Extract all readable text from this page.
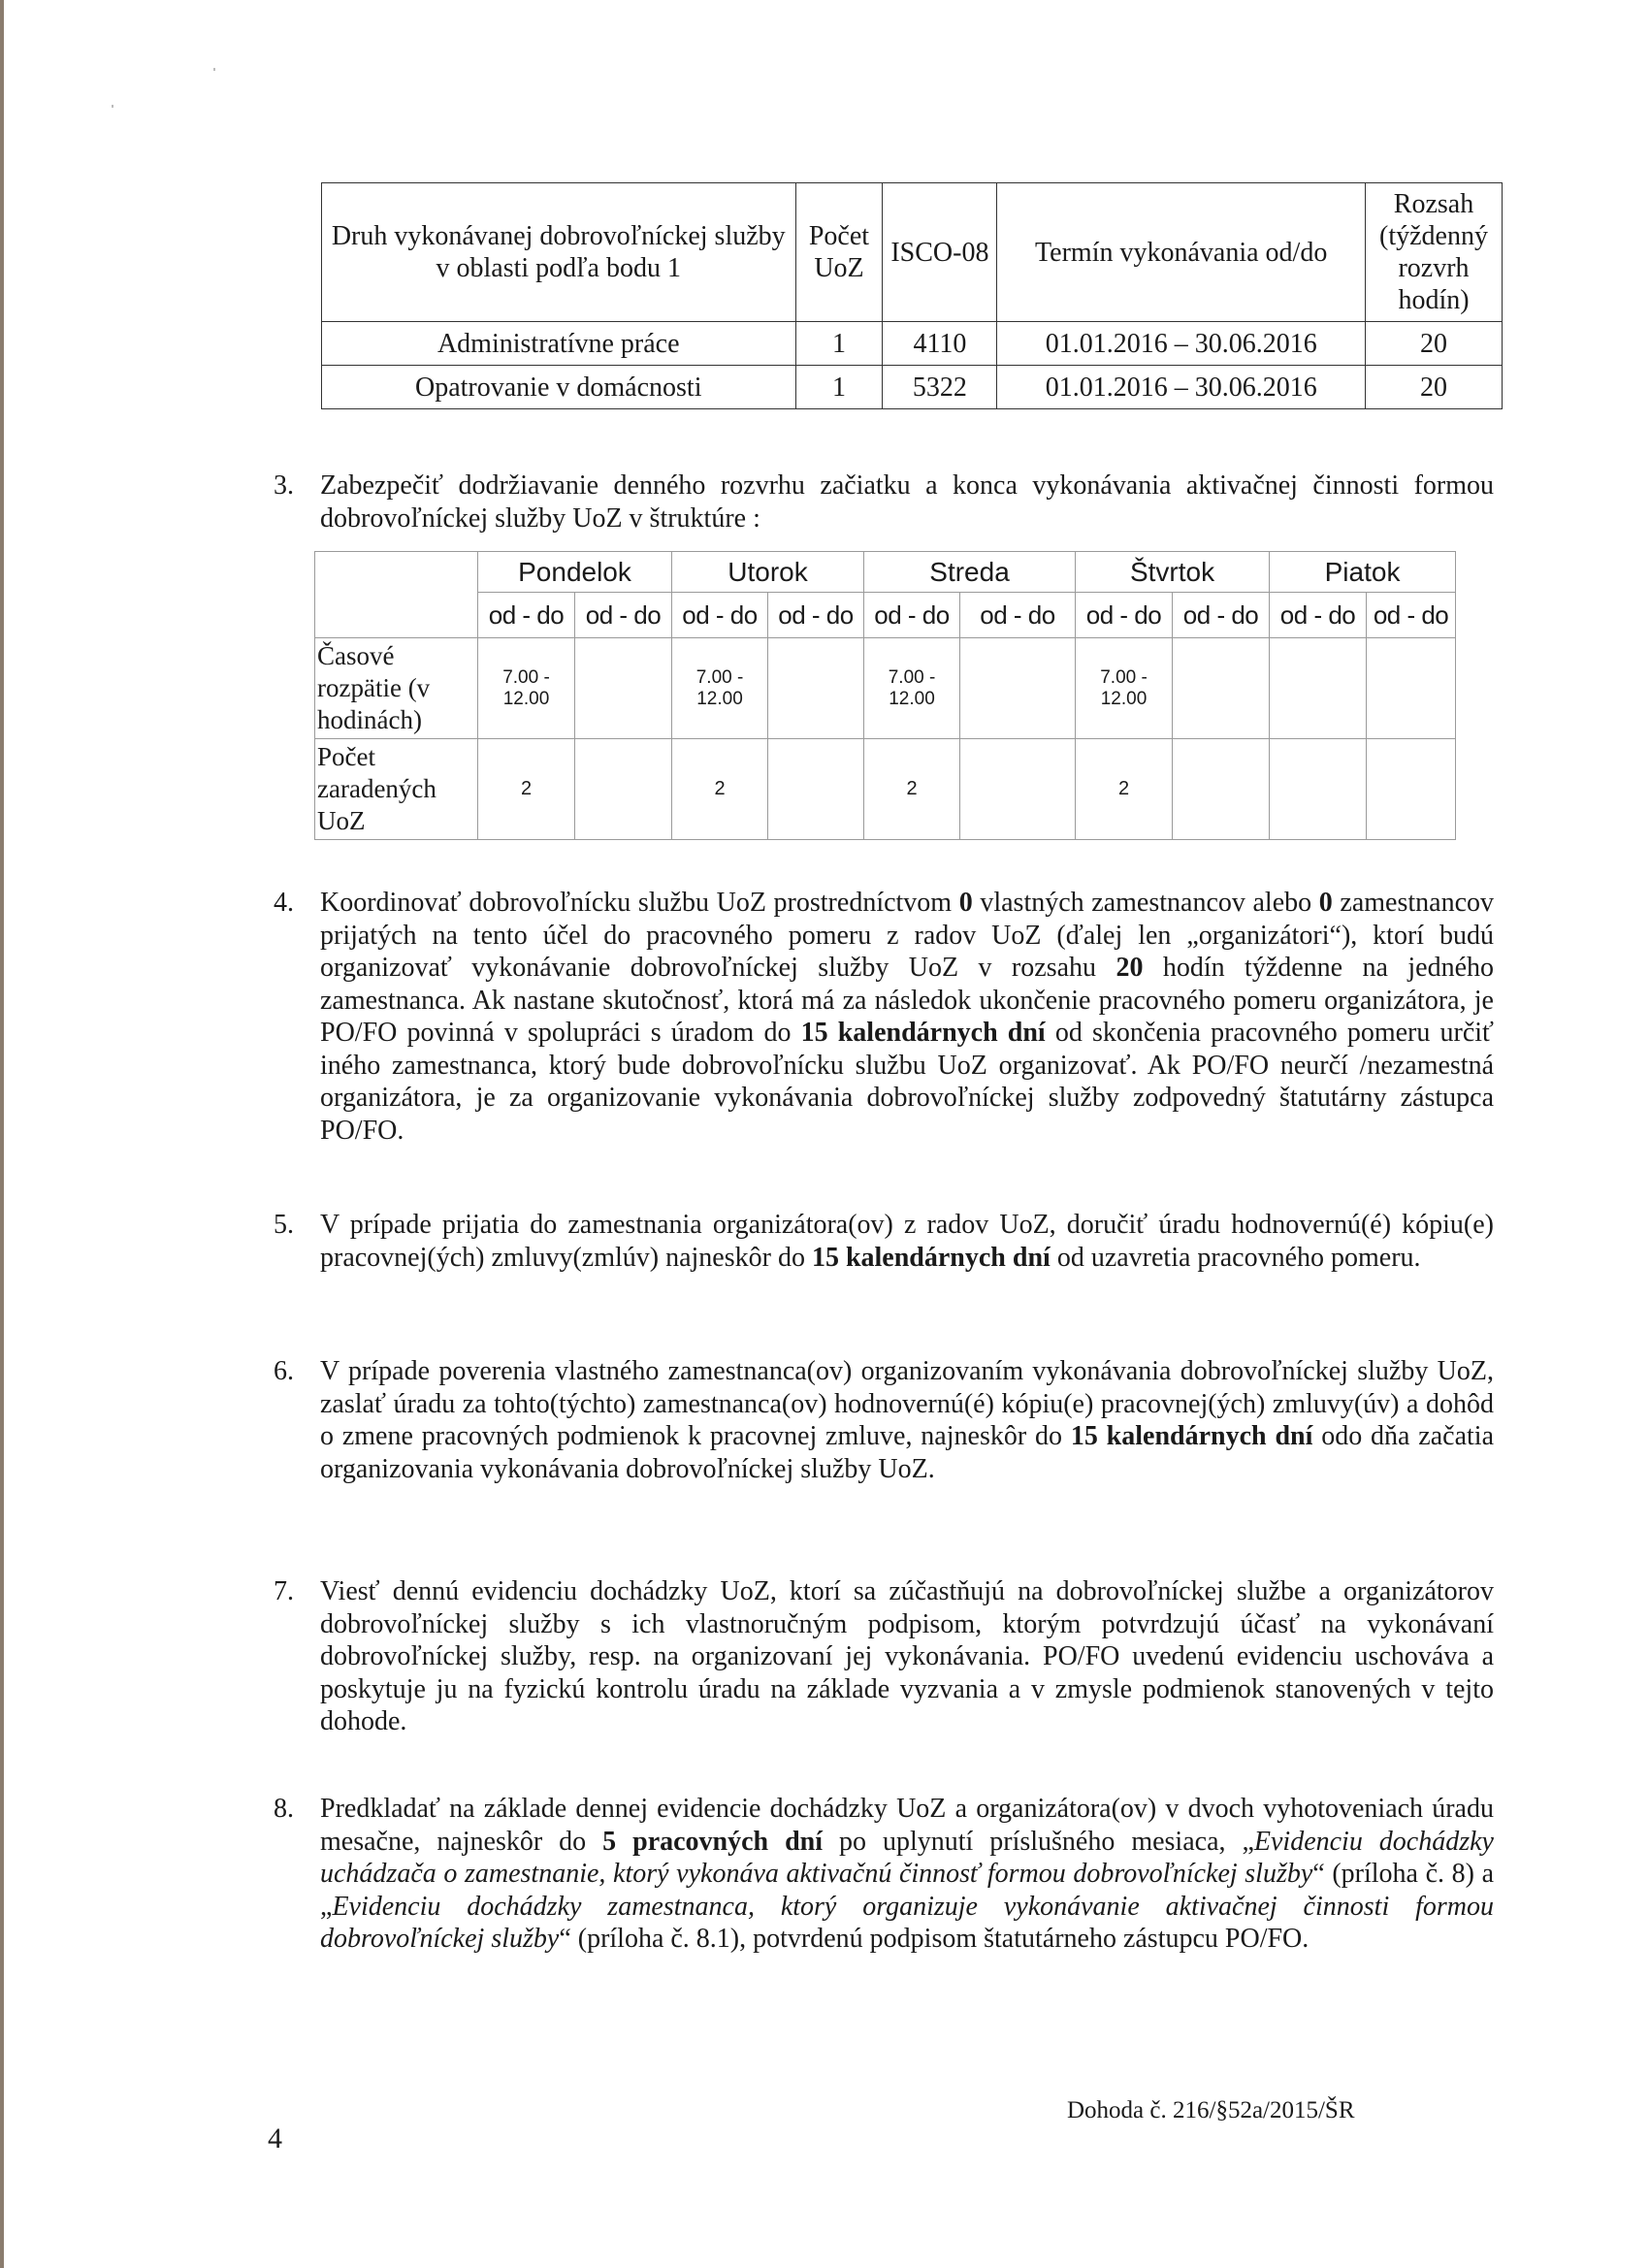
Druh vykonávanej dobrovoľníckej služby v oblasti podľa bodu 1	Počet UoZ	ISCO-08	Termín vykonávania od/do	Rozsah (týždenný rozvrh hodín)
Administratívne práce	1	4110	01.01.2016 – 30.06.2016	20
Opatrovanie v domácnosti	1	5322	01.01.2016 – 30.06.2016	20
3. Zabezpečiť dodržiavanie denného rozvrhu začiatku a konca vykonávania aktivačnej činnosti formou dobrovoľníckej služby UoZ v štruktúre :
	Pondelok		Utorok		Streda		Štvrtok		Piatok	
	od - do	od - do	od - do	od - do	od - do	od - do	od - do	od - do	od - do	od - do
Časové rozpätie (v hodinách)	7.00 - 12.00		7.00 - 12.00		7.00 - 12.00		7.00 - 12.00			
Počet zaradených UoZ	2		2		2		2			
4. Koordinovať dobrovoľnícku službu UoZ prostredníctvom 0 vlastných zamestnancov alebo 0 zamestnancov prijatých na tento účel do pracovného pomeru z radov UoZ (ďalej len „organizátori“), ktorí budú organizovať vykonávanie dobrovoľníckej služby UoZ v rozsahu 20 hodín týždenne na jedného zamestnanca. Ak nastane skutočnosť, ktorá má za následok ukončenie pracovného pomeru organizátora, je PO/FO povinná v spolupráci s úradom do 15 kalendárnych dní od skončenia pracovného pomeru určiť iného zamestnanca, ktorý bude dobrovoľnícku službu UoZ organizovať. Ak PO/FO neurčí /nezamestná organizátora, je za organizovanie vykonávania dobrovoľníckej služby zodpovedný štatutárny zástupca PO/FO.
5. V prípade prijatia do zamestnania organizátora(ov) z radov UoZ, doručiť úradu hodnovernú(é) kópiu(e) pracovnej(ých) zmluvy(zmlúv) najneskôr do 15 kalendárnych dní od uzavretia pracovného pomeru.
6. V prípade poverenia vlastného zamestnanca(ov) organizovaním vykonávania dobrovoľníckej služby UoZ, zaslať úradu za tohto(týchto) zamestnanca(ov) hodnovernú(é) kópiu(e) pracovnej(ých) zmluvy(úv) a dohôd o zmene pracovných podmienok k pracovnej zmluve, najneskôr do 15 kalendárnych dní odo dňa začatia organizovania vykonávania dobrovoľníckej služby UoZ.
7. Viesť dennú evidenciu dochádzky UoZ, ktorí sa zúčastňujú na dobrovoľníckej službe a organizátorov dobrovoľníckej služby s ich vlastnoručným podpisom, ktorým potvrdzujú účasť na vykonávaní dobrovoľníckej služby, resp. na organizovaní jej vykonávania. PO/FO uvedenú evidenciu uschováva a poskytuje ju na fyzickú kontrolu úradu na základe vyzvania a v zmysle podmienok stanovených v tejto dohode.
8. Predkladať na základe dennej evidencie dochádzky UoZ a organizátora(ov) v dvoch vyhotoveniach úradu mesačne, najneskôr do 5 pracovných dní po uplynutí príslušného mesiaca, „Evidenciu dochádzky uchádzača o zamestnanie, ktorý vykonáva aktivačnú činnosť formou dobrovoľníckej služby“ (príloha č. 8) a „Evidenciu dochádzky zamestnanca, ktorý organizuje vykonávanie aktivačnej činnosti formou dobrovoľníckej služby“ (príloha č. 8.1), potvrdenú podpisom štatutárneho zástupcu PO/FO.
Dohoda č. 216/§52a/2015/ŠR
4
